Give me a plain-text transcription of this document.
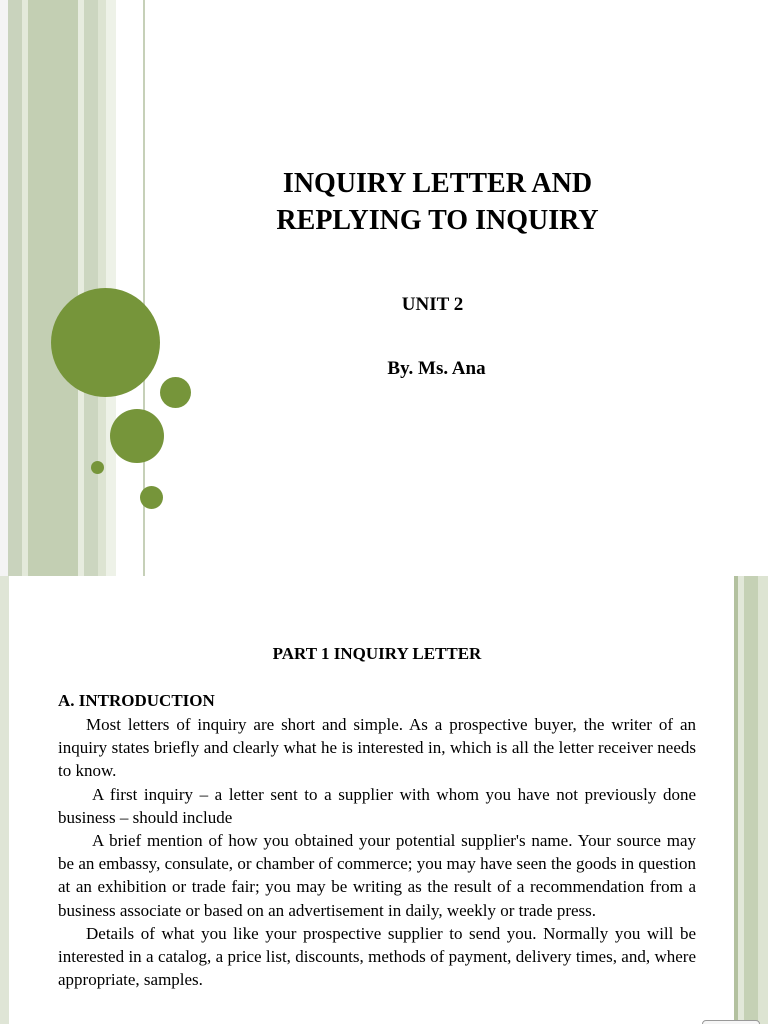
INQUIRY LETTER AND REPLYING TO INQUIRY

UNIT 2

By. Ms. Ana

PART 1 INQUIRY LETTER
A. INTRODUCTION

Most letters of inquiry are short and simple. As a prospective buyer, the writer of an inquiry states briefly and clearly what he is interested in, which is all the letter receiver needs to know.

A first inquiry – a letter sent to a supplier with whom you have not previously done business – should include

A brief mention of how you obtained your potential supplier's name. Your source may be an embassy, consulate, or chamber of commerce; you may have seen the goods in question at an exhibition or trade fair; you may be writing as the result of a recommendation from a business associate or based on an advertisement in daily, weekly or trade press.

Details of what you like your prospective supplier to send you. Normally you will be interested in a catalog, a price list, discounts, methods of payment, delivery times, and, where appropriate, samples.
